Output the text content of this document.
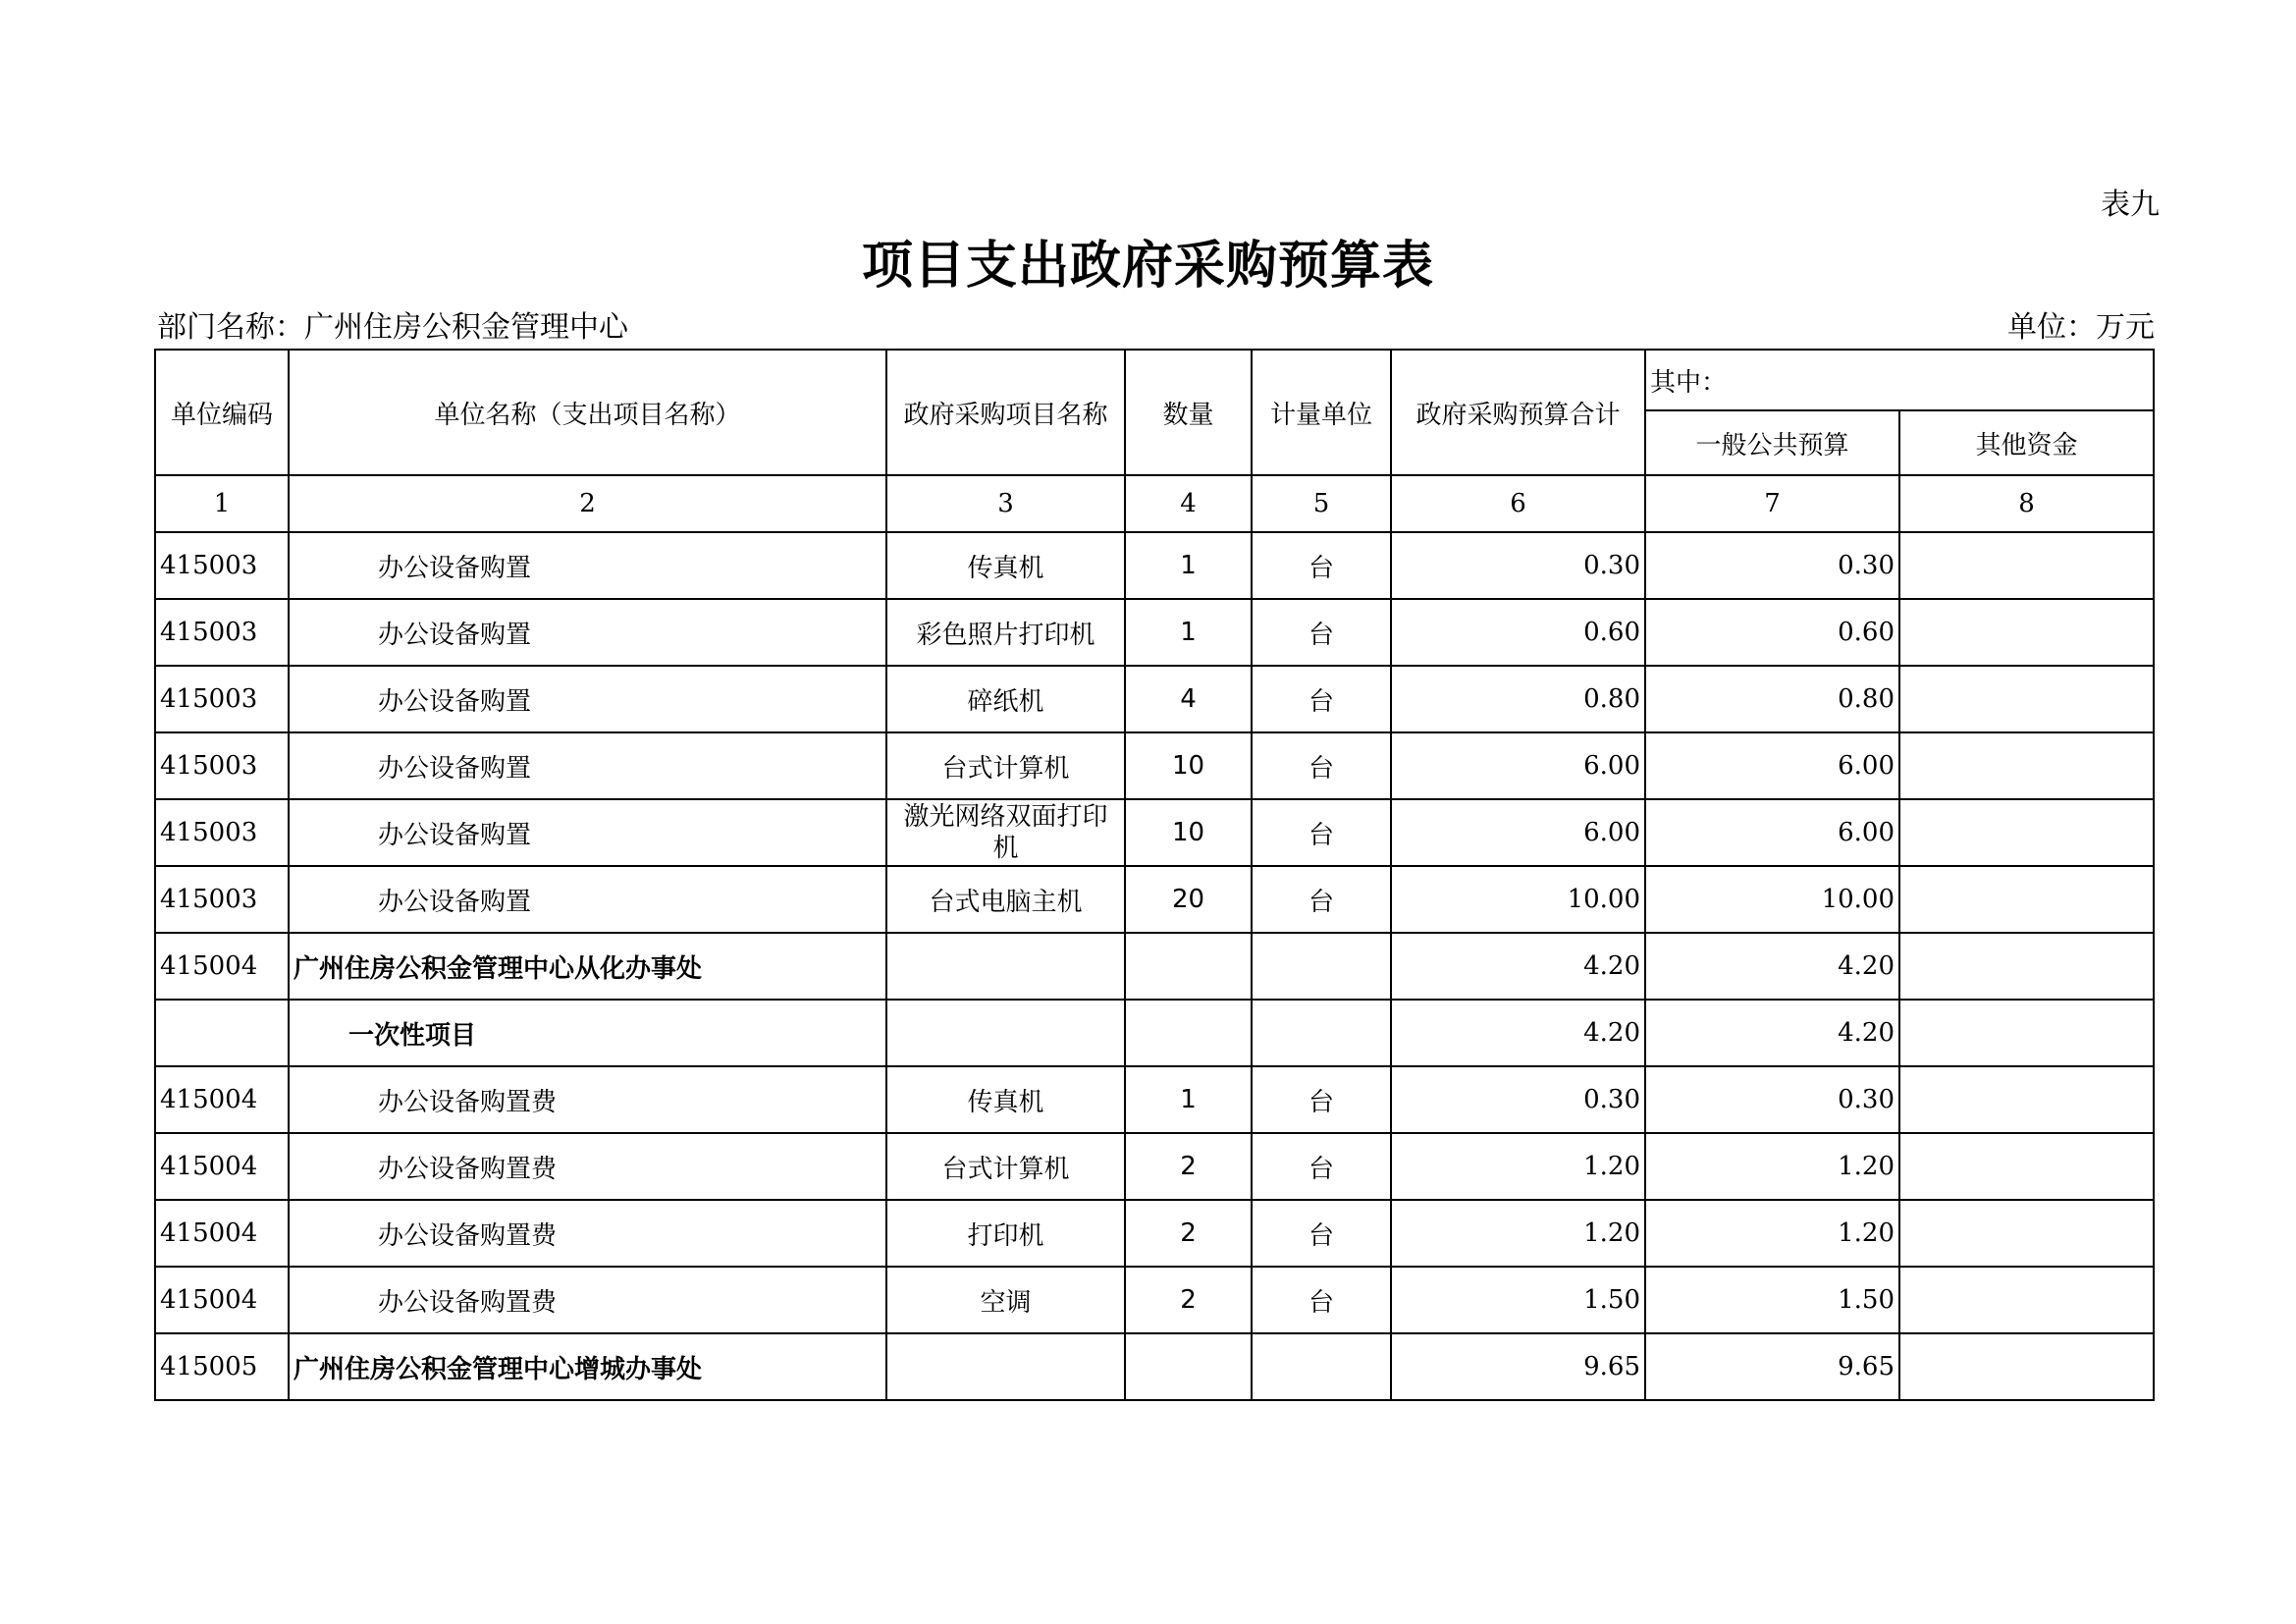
表九
项目支出政府采购预算表
部门名称：广州住房公积金管理中心	单位：万元
单位编码	单位名称（支出项目名称）	政府采购项目名称	数量	计量单位	政府采购预算合计	其中：	
						一般公共预算	其他资金
1	2	3	4	5	6	7	8
415003	办公设备购置	传真机	1	台	0.30	0.30	
415003	办公设备购置	彩色照片打印机	1	台	0.60	0.60	
415003	办公设备购置	碎纸机	4	台	0.80	0.80	
415003	办公设备购置	台式计算机	10	台	6.00	6.00	
415003	办公设备购置	激光网络双面打印机	10	台	6.00	6.00	
415003	办公设备购置	台式电脑主机	20	台	10.00	10.00	
415004	广州住房公积金管理中心从化办事处				4.20	4.20	
	一次性项目				4.20	4.20	
415004	办公设备购置费	传真机	1	台	0.30	0.30	
415004	办公设备购置费	台式计算机	2	台	1.20	1.20	
415004	办公设备购置费	打印机	2	台	1.20	1.20	
415004	办公设备购置费	空调	2	台	1.50	1.50	
415005	广州住房公积金管理中心增城办事处				9.65	9.65	
